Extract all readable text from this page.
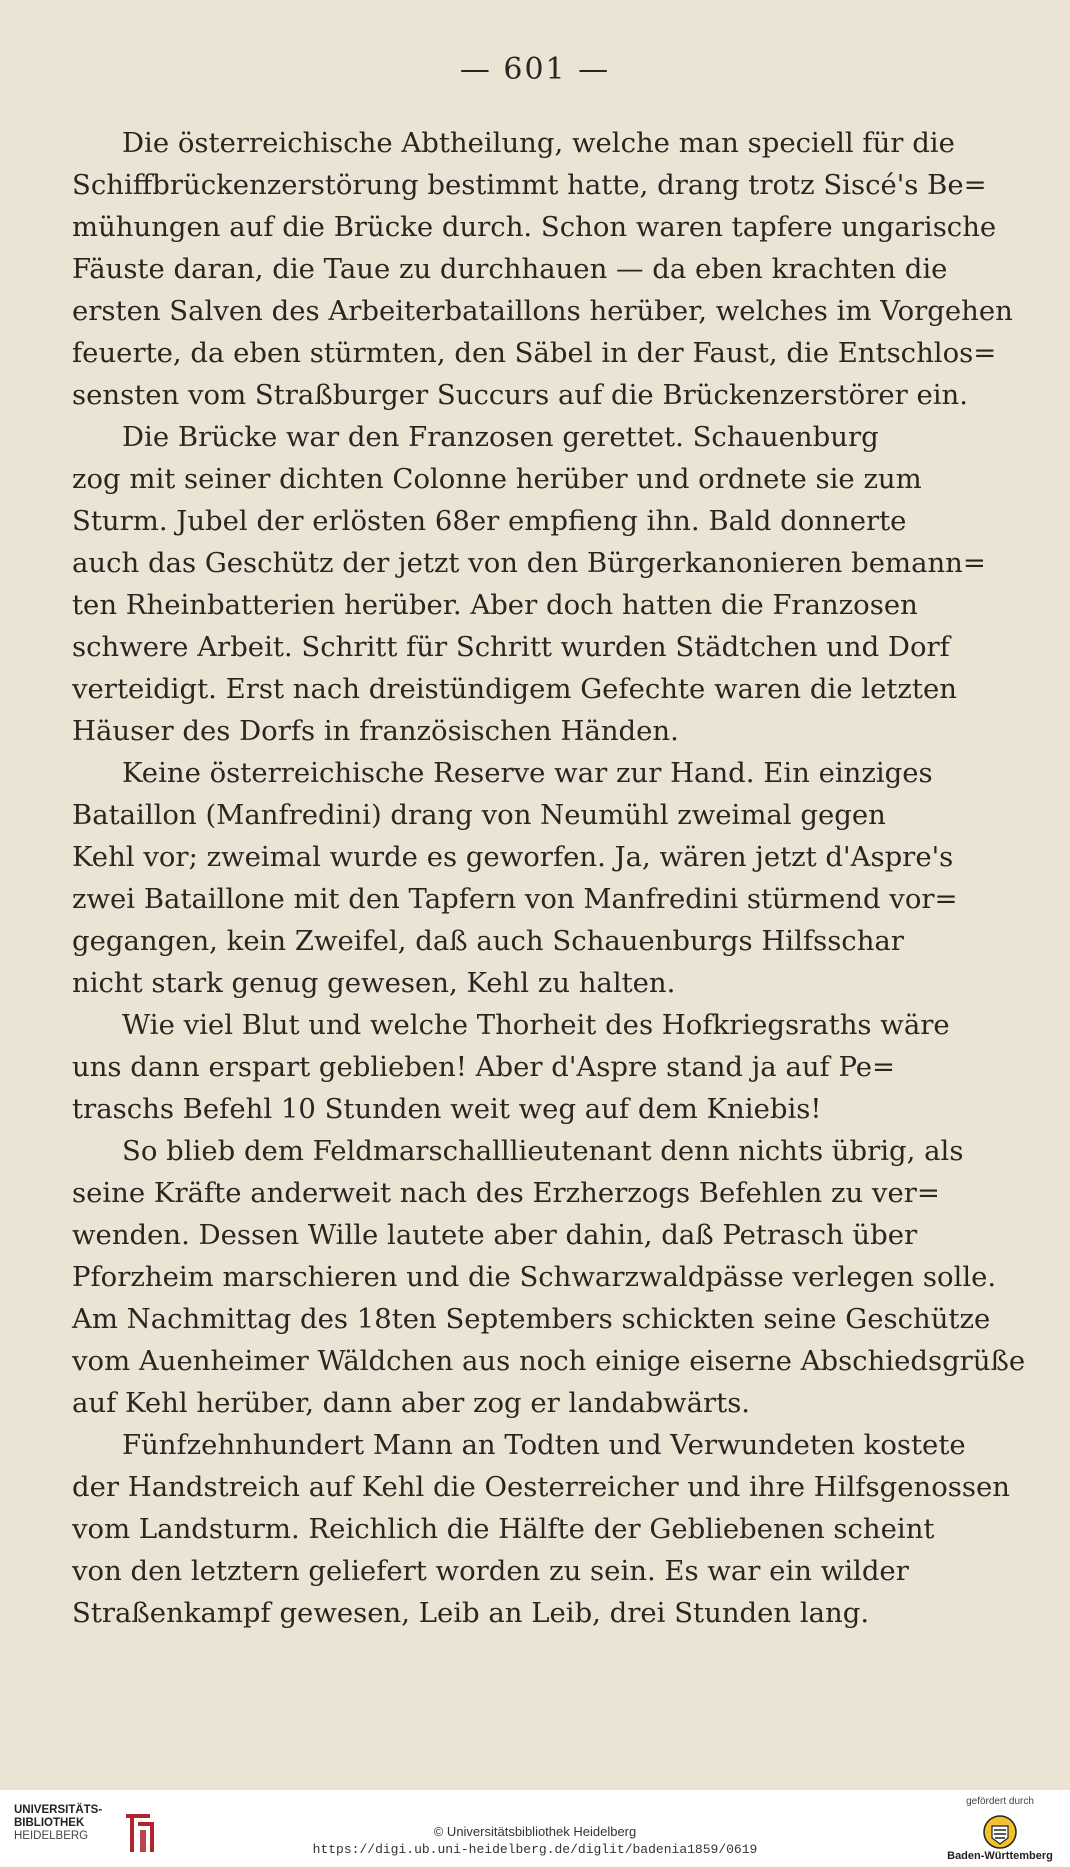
— 601 —
Die österreichische Abtheilung, welche man speciell für die
Schiffbrückenzerstörung bestimmt hatte, drang trotz Siscé's Be=
mühungen auf die Brücke durch. Schon waren tapfere ungarische
Fäuste daran, die Taue zu durchhauen — da eben krachten die
ersten Salven des Arbeiterbataillons herüber, welches im Vorgehen
feuerte, da eben stürmten, den Säbel in der Faust, die Entschlos=
sensten vom Straßburger Succurs auf die Brückenzerstörer ein.
Die Brücke war den Franzosen gerettet. Schauenburg
zog mit seiner dichten Colonne herüber und ordnete sie zum
Sturm. Jubel der erlösten 68er empfieng ihn. Bald donnerte
auch das Geschütz der jetzt von den Bürgerkanonieren bemann=
ten Rheinbatterien herüber. Aber doch hatten die Franzosen
schwere Arbeit. Schritt für Schritt wurden Städtchen und Dorf
verteidigt. Erst nach dreistündigem Gefechte waren die letzten
Häuser des Dorfs in französischen Händen.
Keine österreichische Reserve war zur Hand. Ein einziges
Bataillon (Manfredini) drang von Neumühl zweimal gegen
Kehl vor; zweimal wurde es geworfen. Ja, wären jetzt d'Aspre's
zwei Bataillone mit den Tapfern von Manfredini stürmend vor=
gegangen, kein Zweifel, daß auch Schauenburgs Hilfsschar
nicht stark genug gewesen, Kehl zu halten.
Wie viel Blut und welche Thorheit des Hofkriegsraths wäre
uns dann erspart geblieben! Aber d'Aspre stand ja auf Pe=
traschs Befehl 10 Stunden weit weg auf dem Kniebis!
So blieb dem Feldmarschalllieutenant denn nichts übrig, als
seine Kräfte anderweit nach des Erzherzogs Befehlen zu ver=
wenden. Dessen Wille lautete aber dahin, daß Petrasch über
Pforzheim marschieren und die Schwarzwaldpässe verlegen solle.
Am Nachmittag des 18ten Septembers schickten seine Geschütze
vom Auenheimer Wäldchen aus noch einige eiserne Abschiedsgrüße
auf Kehl herüber, dann aber zog er landabwärts.
Fünfzehnhundert Mann an Todten und Verwundeten kostete
der Handstreich auf Kehl die Oesterreicher und ihre Hilfsgenossen
vom Landsturm. Reichlich die Hälfte der Gebliebenen scheint
von den letztern geliefert worden zu sein. Es war ein wilder
Straßenkampf gewesen, Leib an Leib, drei Stunden lang.
UNIVERSITÄTS-
BIBLIOTHEK
HEIDELBERG	© Universitätsbibliothek Heidelberg
https://digi.ub.uni-heidelberg.de/diglit/badenia1859/0619
gefördert durch
Baden-Württemberg
